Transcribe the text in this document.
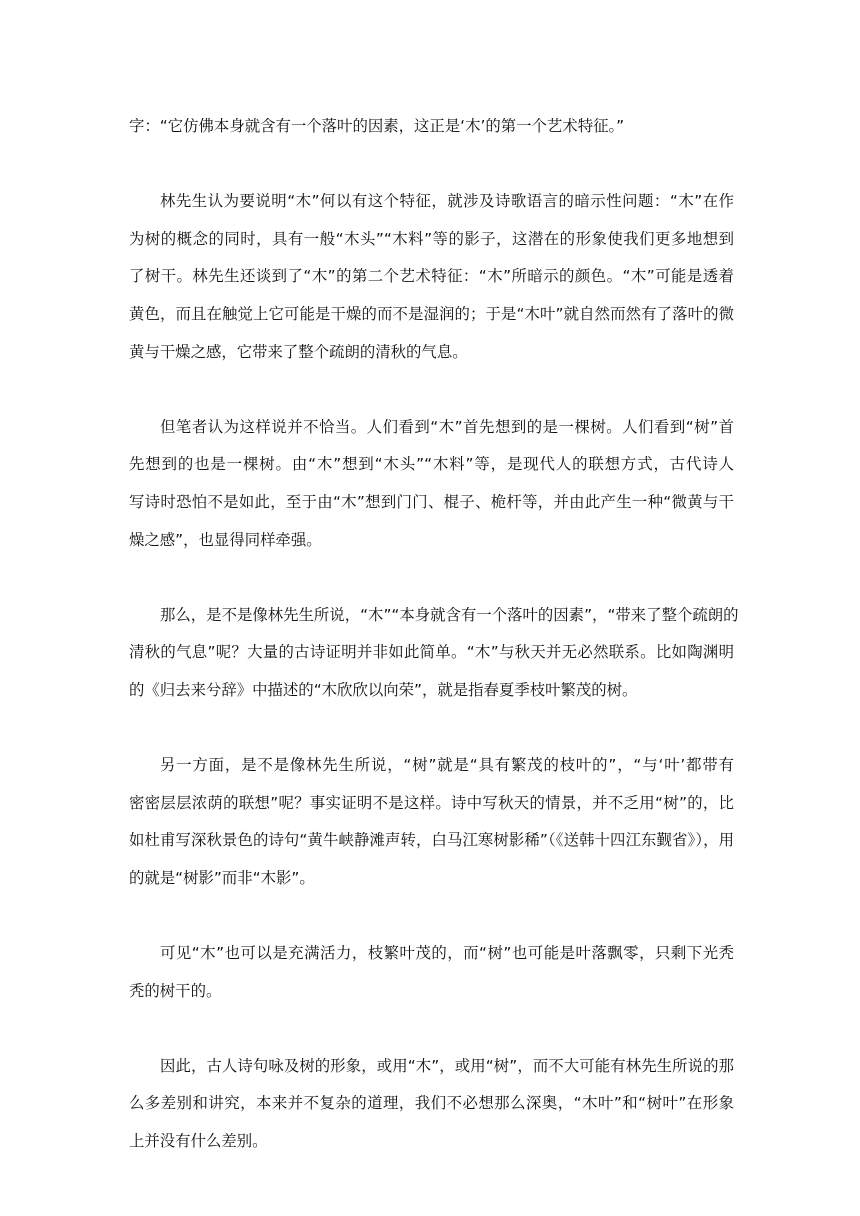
字：“它仿佛本身就含有一个落叶的因素，这正是‘木’的第一个艺术特征。”
林先生认为要说明“木”何以有这个特征，就涉及诗歌语言的暗示性问题：“木”在作
为树的概念的同时，具有一般“木头”“木料”等的影子，这潜在的形象使我们更多地想到
了树干。林先生还谈到了“木”的第二个艺术特征：“木”所暗示的颜色。“木”可能是透着
黄色，而且在触觉上它可能是干燥的而不是湿润的；于是“木叶”就自然而然有了落叶的微
黄与干燥之感，它带来了整个疏朗的清秋的气息。
但笔者认为这样说并不恰当。人们看到“木”首先想到的是一棵树。人们看到“树”首
先想到的也是一棵树。由“木”想到“木头”“木料”等，是现代人的联想方式，古代诗人
写诗时恐怕不是如此，至于由“木”想到门门、棍子、桅杆等，并由此产生一种“微黄与干
燥之感”，也显得同样牵强。
那么，是不是像林先生所说，“木”“本身就含有一个落叶的因素”，“带来了整个疏朗的
清秋的气息”呢？大量的古诗证明并非如此简单。“木”与秋天并无必然联系。比如陶渊明
的《归去来兮辞》中描述的“木欣欣以向荣”，就是指春夏季枝叶繁茂的树。
另一方面，是不是像林先生所说，“树”就是“具有繁茂的枝叶的”，“与‘叶’都带有
密密层层浓荫的联想”呢？事实证明不是这样。诗中写秋天的情景，并不乏用“树”的，比
如杜甫写深秋景色的诗句“黄牛峡静滩声转，白马江寒树影稀”（《送韩十四江东觐省》），用
的就是“树影”而非“木影”。
可见“木”也可以是充满活力，枝繁叶茂的，而“树”也可能是叶落飘零，只剩下光秃
秃的树干的。
因此，古人诗句咏及树的形象，或用“木”，或用“树”，而不大可能有林先生所说的那
么多差别和讲究，本来并不复杂的道理，我们不必想那么深奥，“木叶”和“树叶”在形象
上并没有什么差别。
